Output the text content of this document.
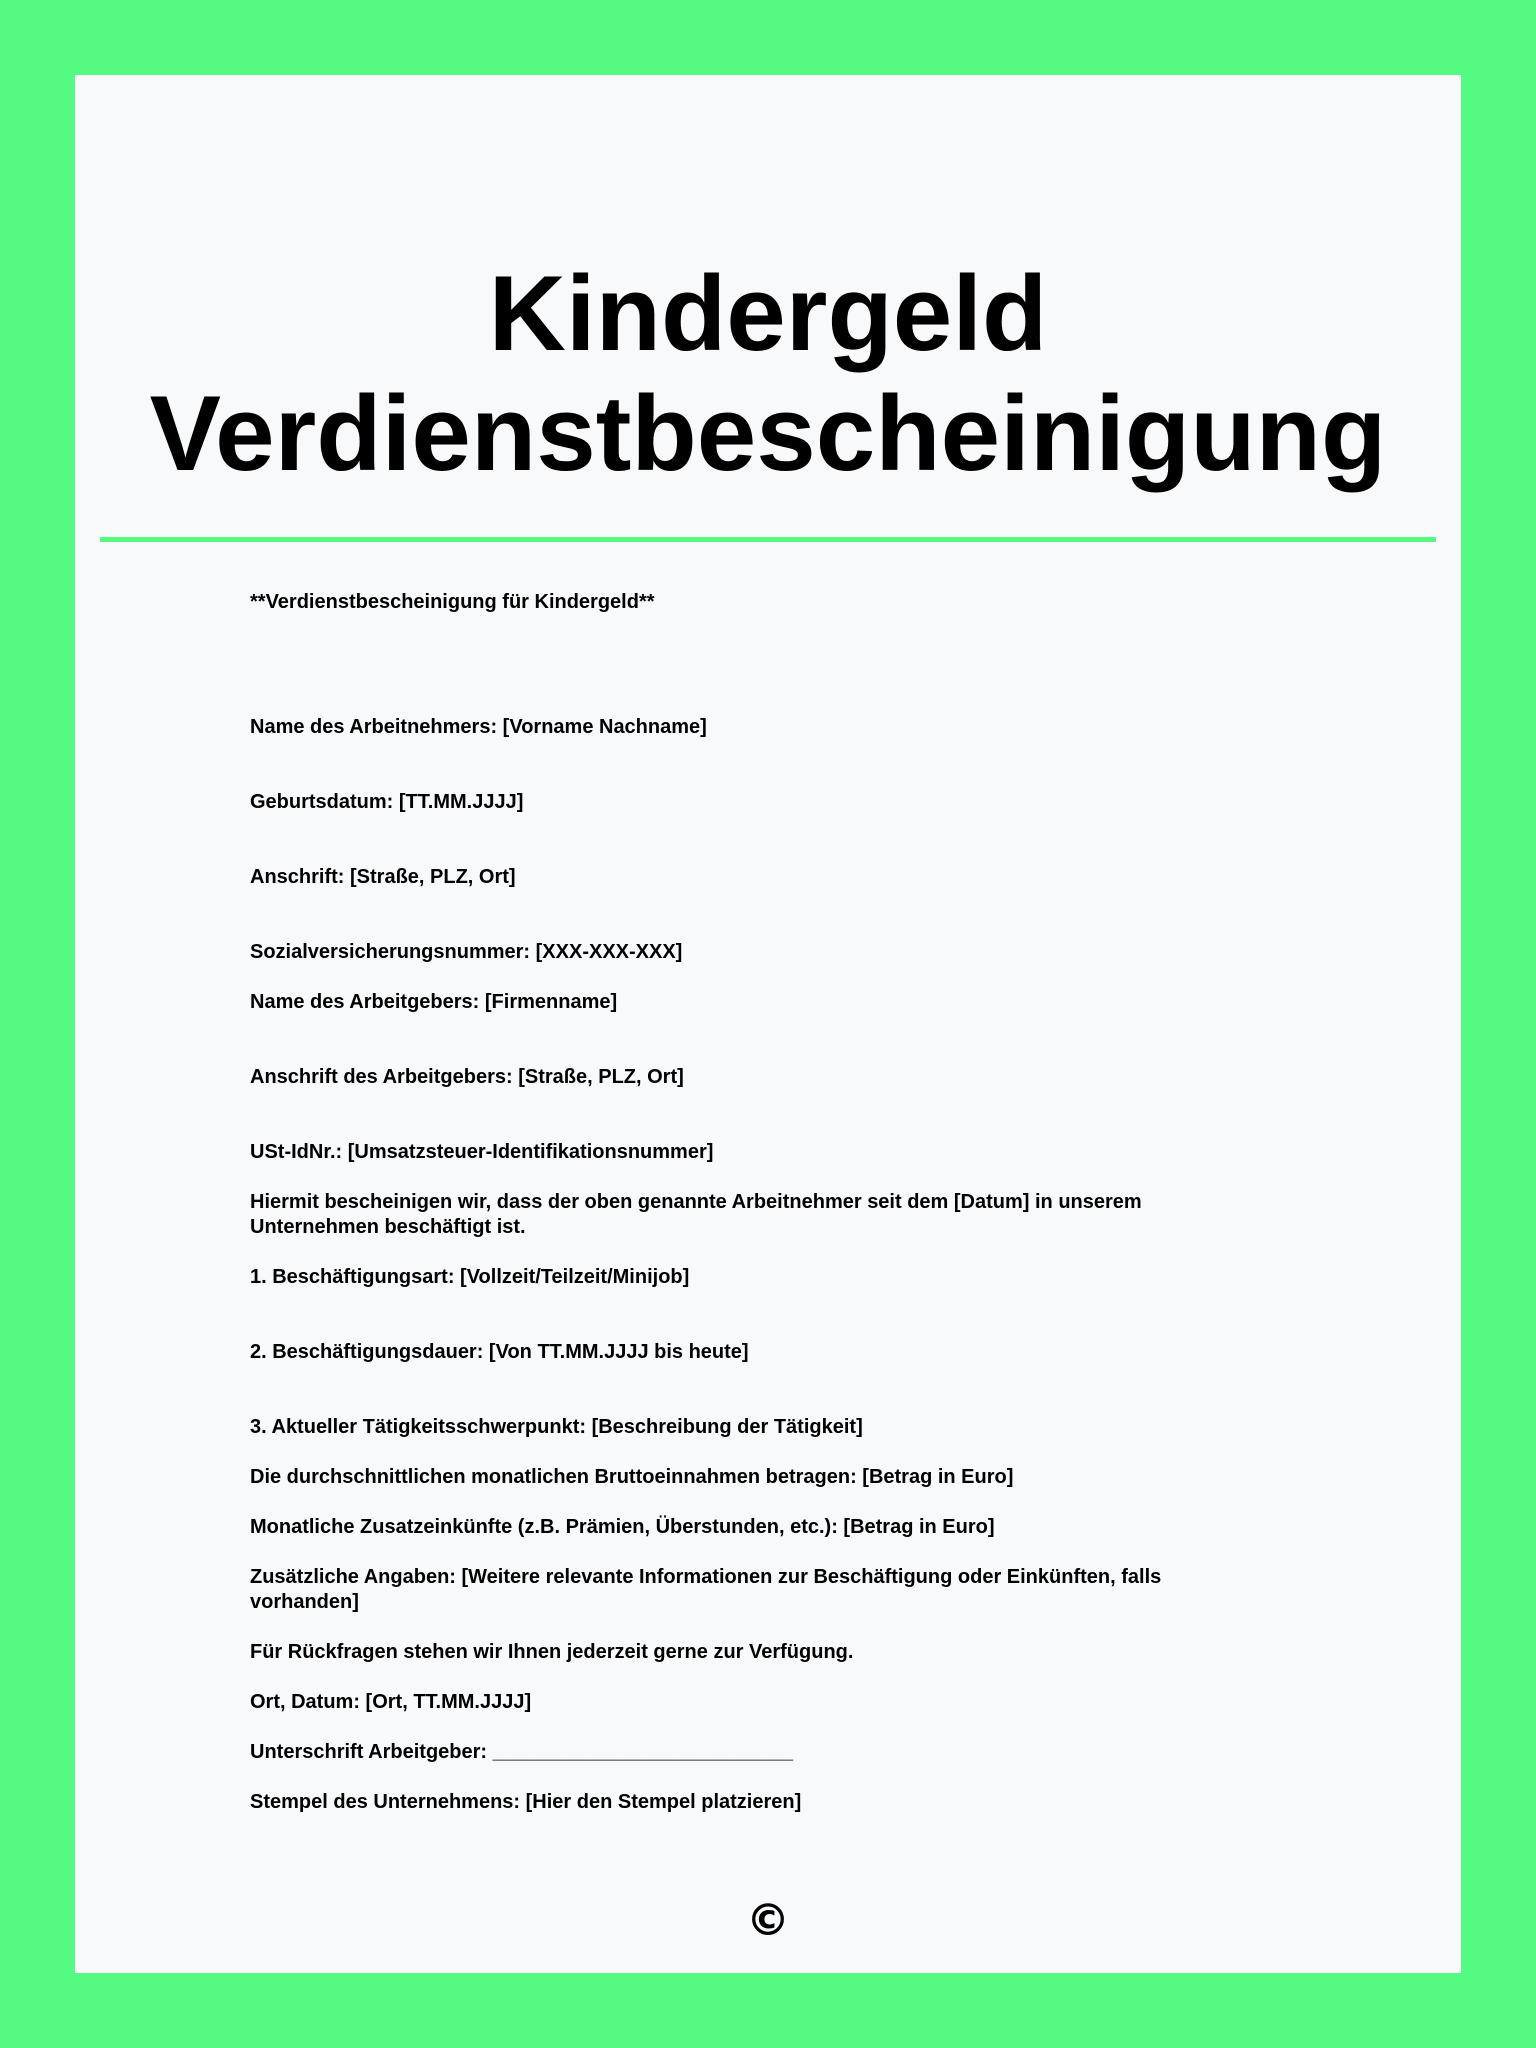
Kindergeld
Verdienstbescheinigung
**Verdienstbescheinigung für Kindergeld**
Name des Arbeitnehmers: [Vorname Nachname]
Geburtsdatum: [TT.MM.JJJJ]
Anschrift: [Straße, PLZ, Ort]
Sozialversicherungsnummer: [XXX-XXX-XXX]
Name des Arbeitgebers: [Firmenname]
Anschrift des Arbeitgebers: [Straße, PLZ, Ort]
USt-IdNr.: [Umsatzsteuer-Identifikationsnummer]
Hiermit bescheinigen wir, dass der oben genannte Arbeitnehmer seit dem [Datum] in unserem Unternehmen beschäftigt ist.
1. Beschäftigungsart: [Vollzeit/Teilzeit/Minijob]
2. Beschäftigungsdauer: [Von TT.MM.JJJJ bis heute]
3. Aktueller Tätigkeitsschwerpunkt: [Beschreibung der Tätigkeit]
Die durchschnittlichen monatlichen Bruttoeinnahmen betragen: [Betrag in Euro]
Monatliche Zusatzeinkünfte (z.B. Prämien, Überstunden, etc.): [Betrag in Euro]
Zusätzliche Angaben: [Weitere relevante Informationen zur Beschäftigung oder Einkünften, falls vorhanden]
Für Rückfragen stehen wir Ihnen jederzeit gerne zur Verfügung.
Ort, Datum: [Ort, TT.MM.JJJJ]
Unterschrift Arbeitgeber: ___________________________
Stempel des Unternehmens: [Hier den Stempel platzieren]
©
